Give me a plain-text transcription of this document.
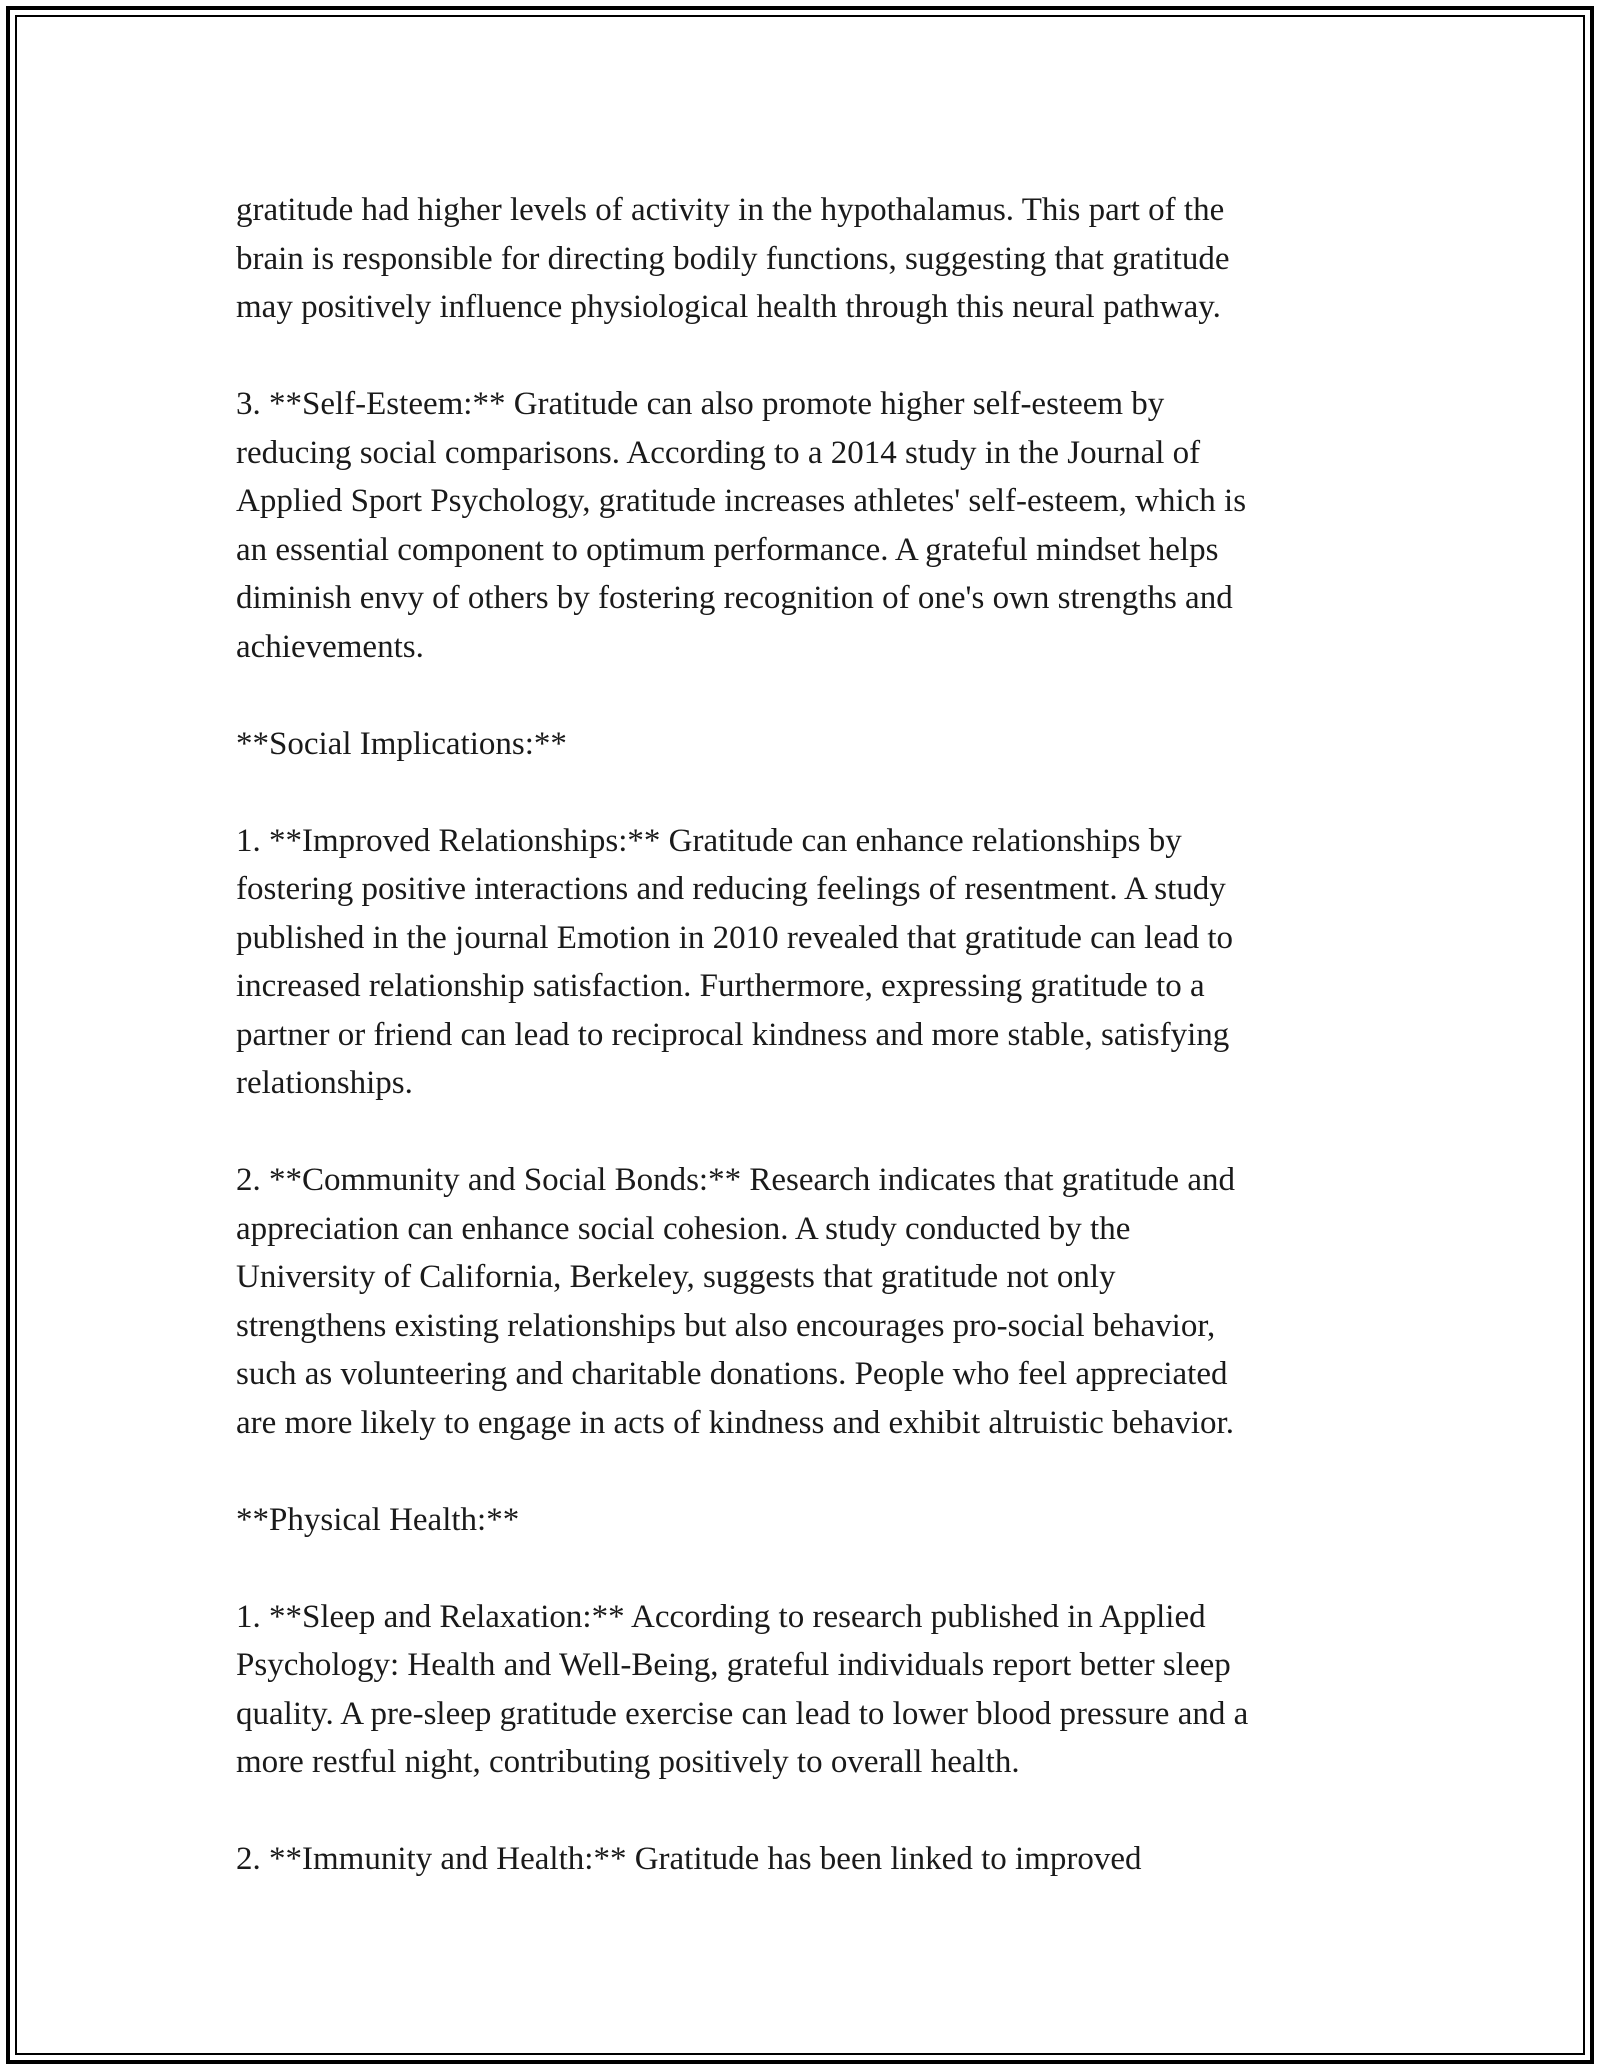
gratitude had higher levels of activity in the hypothalamus. This part of the
brain is responsible for directing bodily functions, suggesting that gratitude
may positively influence physiological health through this neural pathway.

3. **Self-Esteem:** Gratitude can also promote higher self-esteem by
reducing social comparisons. According to a 2014 study in the Journal of
Applied Sport Psychology, gratitude increases athletes' self-esteem, which is
an essential component to optimum performance. A grateful mindset helps
diminish envy of others by fostering recognition of one's own strengths and
achievements.

**Social Implications:**

1. **Improved Relationships:** Gratitude can enhance relationships by
fostering positive interactions and reducing feelings of resentment. A study
published in the journal Emotion in 2010 revealed that gratitude can lead to
increased relationship satisfaction. Furthermore, expressing gratitude to a
partner or friend can lead to reciprocal kindness and more stable, satisfying
relationships.

2. **Community and Social Bonds:** Research indicates that gratitude and
appreciation can enhance social cohesion. A study conducted by the
University of California, Berkeley, suggests that gratitude not only
strengthens existing relationships but also encourages pro-social behavior,
such as volunteering and charitable donations. People who feel appreciated
are more likely to engage in acts of kindness and exhibit altruistic behavior.

**Physical Health:**

1. **Sleep and Relaxation:** According to research published in Applied
Psychology: Health and Well-Being, grateful individuals report better sleep
quality. A pre-sleep gratitude exercise can lead to lower blood pressure and a
more restful night, contributing positively to overall health.

2. **Immunity and Health:** Gratitude has been linked to improved
